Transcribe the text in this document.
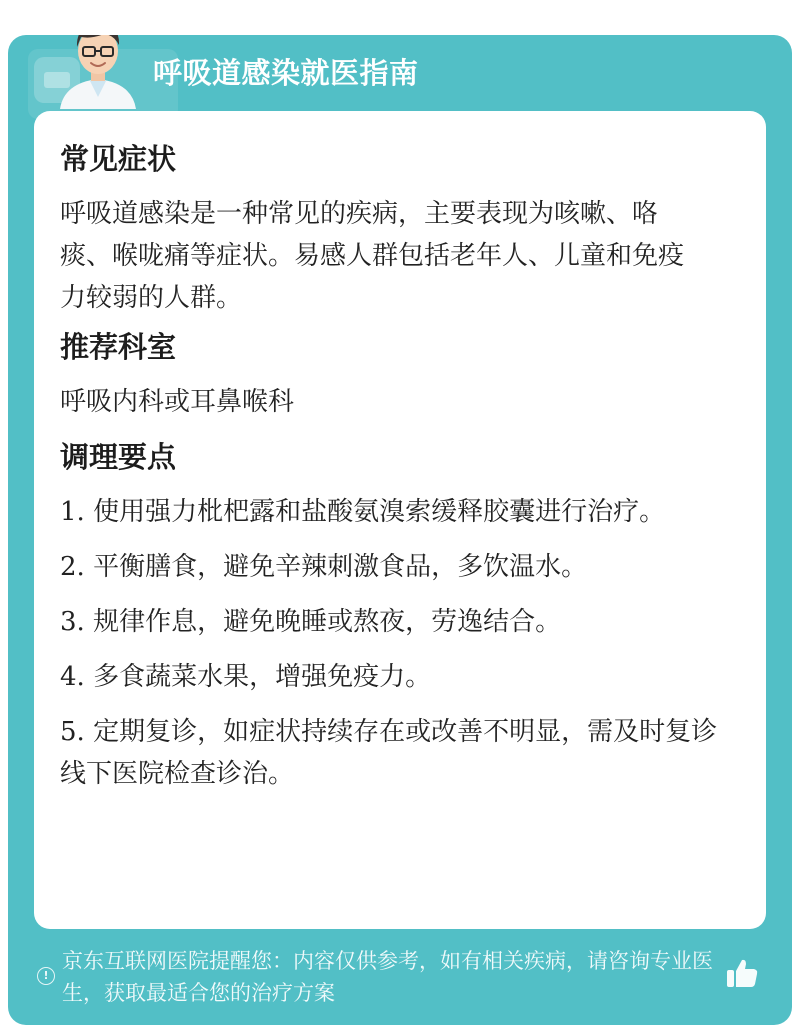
呼吸道感染就医指南
常见症状
呼吸道感染是一种常见的疾病，主要表现为咳嗽、咯痰、喉咙痛等症状。易感人群包括老年人、儿童和免疫力较弱的人群。
推荐科室
呼吸内科或耳鼻喉科
调理要点
1. 使用强力枇杷露和盐酸氨溴索缓释胶囊进行治疗。
2. 平衡膳食，避免辛辣刺激食品，多饮温水。
3. 规律作息，避免晚睡或熬夜，劳逸结合。
4. 多食蔬菜水果，增强免疫力。
5. 定期复诊，如症状持续存在或改善不明显，需及时复诊线下医院检查诊治。
!
京东互联网医院提醒您：内容仅供参考，如有相关疾病，请咨询专业医生，获取最适合您的治疗方案
